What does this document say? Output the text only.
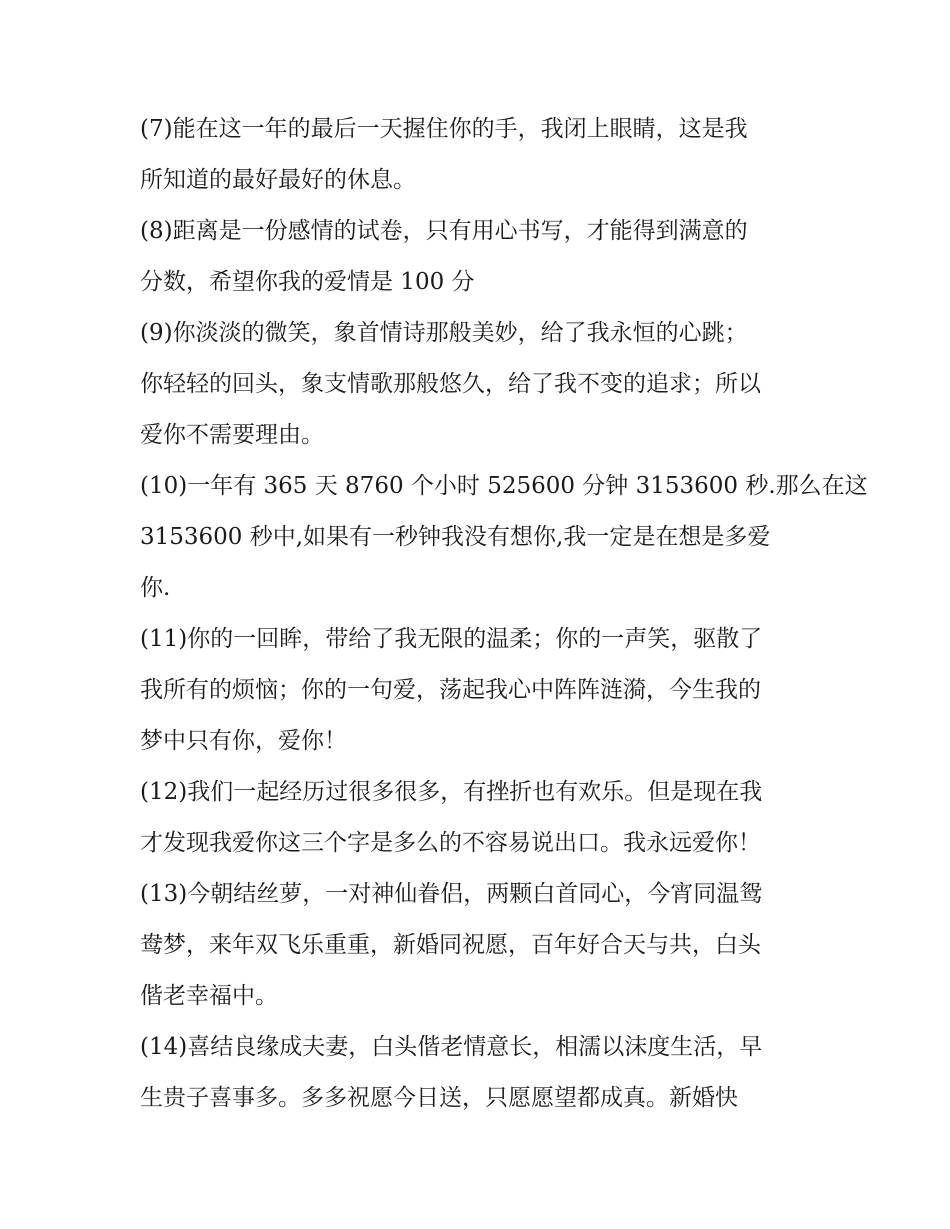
(7)能在这一年的最后一天握住你的手，我闭上眼睛，这是我
所知道的最好最好的休息。

(8)距离是一份感情的试卷，只有用心书写，才能得到满意的
分数，希望你我的爱情是 100 分

(9)你淡淡的微笑，象首情诗那般美妙，给了我永恒的心跳；
你轻轻的回头，象支情歌那般悠久，给了我不变的追求；所以
爱你不需要理由。

(10)一年有 365 天 8760 个小时 525600 分钟 3153600 秒.那么在这
3153600 秒中,如果有一秒钟我没有想你,我一定是在想是多爱
你.

(11)你的一回眸，带给了我无限的温柔；你的一声笑，驱散了
我所有的烦恼；你的一句爱，荡起我心中阵阵涟漪，今生我的
梦中只有你，爱你！

(12)我们一起经历过很多很多，有挫折也有欢乐。但是现在我
才发现我爱你这三个字是多么的不容易说出口。我永远爱你！

(13)今朝结丝萝，一对神仙眷侣，两颗白首同心，今宵同温鸳
鸯梦，来年双飞乐重重，新婚同祝愿，百年好合天与共，白头
偕老幸福中。

(14)喜结良缘成夫妻，白头偕老情意长，相濡以沫度生活，早
生贵子喜事多。多多祝愿今日送，只愿愿望都成真。新婚快
